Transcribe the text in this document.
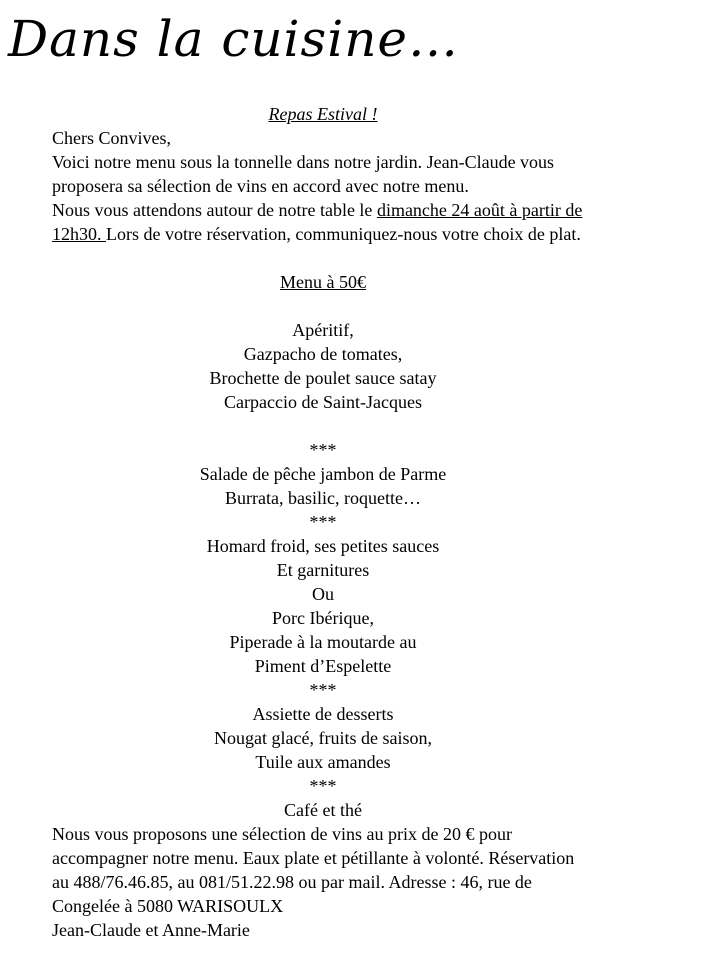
Dans la cuisine…
Repas Estival !
Chers Convives,
Voici notre menu sous la tonnelle dans notre jardin. Jean-Claude vous
proposera sa sélection de vins en accord avec notre menu.
Nous vous attendons autour de notre table le dimanche 24 août à partir de
12h30. Lors de votre réservation, communiquez-nous votre choix de plat.
Menu à 50€
Apéritif,
Gazpacho de tomates,
Brochette de poulet sauce satay
Carpaccio de Saint-Jacques
***
Salade de pêche jambon de Parme
Burrata, basilic, roquette…
***
Homard froid, ses petites sauces
Et garnitures
Ou
Porc Ibérique,
Piperade à la moutarde au
Piment d’Espelette
***
Assiette de desserts
Nougat glacé, fruits de saison,
Tuile aux amandes
***
Café et thé
Nous vous proposons une sélection de vins au prix de 20 € pour
accompagner notre menu. Eaux plate et pétillante à volonté. Réservation
au 488/76.46.85, au 081/51.22.98 ou par mail. Adresse : 46, rue de
Congelée à 5080 WARISOULX
Jean-Claude et Anne-Marie
